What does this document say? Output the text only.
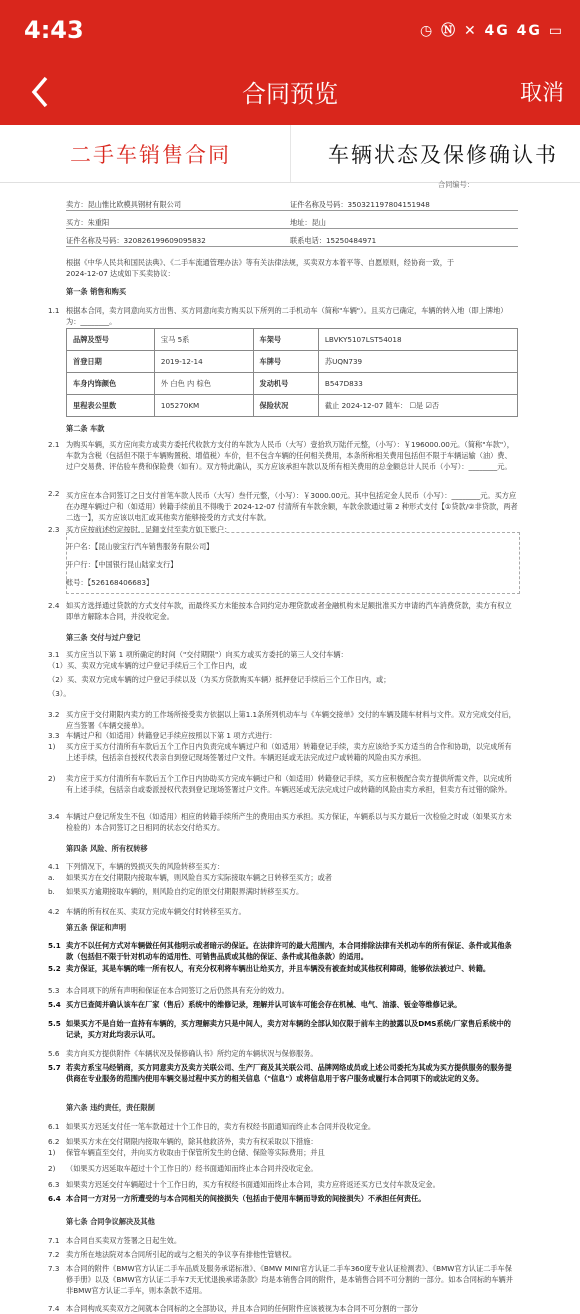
4:43	◷ Ⓝ ✕ 4G 4G ▭
合同预览	取消
二手车销售合同	车辆状态及保修确认书
合同编号：
卖方：昆山惟比欧模具钢材有限公司	证件名称及号码：350321197804151948
买方：朱重阳	地址：昆山
证件名称及号码：320826199609095832	联系电话：15250484971
根据《中华人民共和国民法典》、《二手车流通管理办法》等有关法律法规，买卖双方本着平等、自愿原则，经协商一致，于
2024-12-07 达成如下买卖协议：
第一条 销售和购买
1.1 根据本合同，卖方同意向买方出售、买方同意向卖方购买以下所列的二手机动车（简称"车辆"）。且买方已确定，车辆的转入地（即上牌地）为：________。
品牌及型号	宝马 5系	车架号	LBVKY5107LST54018
首登日期	2019-12-14	车牌号	苏UQN739
车身内饰颜色	外 白色 内 棕色	发动机号	B547D833
里程表公里数	105270KM	保险状况	截止 2024-12-07 随车： ☐是 ☑否
第二条 车款
2.1 为购买车辆，买方应向卖方或卖方委托代收款方支付的车款为人民币（大写）壹拾玖万陆仟元整，（小写）：￥196000.00元。（简称"车款"），车款为含税（包括但不限于车辆购置税、增值税）车价，但不包含车辆的任何相关费用，本条所称相关费用包括但不限于车辆运输（油）费、过户交易费、评估验车费和保险费（如有）。双方特此确认，买方应该承担车款以及所有相关费用的总金额总计人民币（小写）：________元。
2.2 买方应在本合同签订之日支付首笔车款人民币（大写）叁仟元整，（小写）：￥3000.00元。其中包括定金人民币（小写）：________元。买方应在办理车辆过户和（如适用）转籍手续前且不得晚于 2024-12-07 付清所有车款余额，车款余款通过第 2 种形式支付【①贷款/②非贷款，两者二选一】，买方应该以电汇或其他卖方能够接受的方式支付车款。
2.3 买方应按前述约定按时、足额支付至卖方如下账户：
开户名：【昆山骏宝行汽车销售服务有限公司】
开户行：【中国银行昆山陆家支行】
账号：【526168406683】
2.4 如买方选择通过贷款的方式支付车款，而最终买方未能按本合同约定办理贷款或者金融机构未足额批准买方申请的汽车消费贷款，卖方有权立即单方解除本合同，并没收定金。
第三条 交付与过户登记
3.1 买方应当以下第 1 项所确定的时间（"交付期限"）向买方或买方委托的第三人交付车辆：
（1）买、卖双方完成车辆的过户登记手续后三个工作日内，或
（2）买、卖双方完成车辆的过户登记手续以及（为买方贷款购买车辆）抵押登记手续后三个工作日内，或；
（3）。
3.2 买方应于交付期限内卖方的工作场所接受卖方依据以上第1.1条所列机动车与《车辆交接单》交付的车辆及随车材料与文件。双方完成交付后，应当签署《车辆交接单》。
3.3 车辆过户和（如适用）转籍登记手续应按照以下第 1 项方式进行：
1) 买方应于买方付清所有车款后五个工作日内负责完成车辆过户和（如适用）转籍登记手续，卖方应该给予买方适当的合作和协助，以完成所有上述手续，包括亲自授权代表亲自到登记现场签署过户文件。车辆迟延或无法完成过户或转籍的风险由买方承担。
2) 卖方应于买方付清所有车款后五个工作日内协助买方完成车辆过户和（如适用）转籍登记手续，买方应积极配合卖方提供所需文件，以完成所有上述手续，包括亲自或委派授权代表到登记现场签署过户文件。车辆迟延或无法完成过户或转籍的风险由卖方承担，但卖方有过错的除外。
3.4 车辆过户登记所发生不包（如适用）相应的转籍手续所产生的费用由买方承担。买方保证，车辆系以与买方最后一次检验之时或（如果买方未检验的）本合同签订之日相同的状态交付给买方。
第四条 风险、所有权转移
4.1 下列情况下，车辆的毁损灭失的风险转移至买方：
a. 如果买方在交付期限内接取车辆，则风险自买方实际接取车辆之日转移至买方；或者
b. 如果买方逾期接取车辆的，则风险自约定的原交付期限界满时转移至买方。
4.2 车辆的所有权在买、卖双方完成车辆交付时转移至买方。
第五条 保证和声明
5.1 卖方不以任何方式对车辆做任何其他明示或者暗示的保证。在法律许可的最大范围内，本合同排除法律有关机动车的所有保证、条件或其他条款（包括但不限于针对机动车的适用性、可销售品质或其他的保证、条件或其他条款）的适用。
5.2 卖方保证，其是车辆的唯一所有权人，有充分权利将车辆出让给买方，并且车辆没有被查封或其他权利障碍，能够依法被过户、转籍。
5.3 本合同项下的所有声明和保证在本合同签订之后仍然具有充分的效力。
5.4 买方已查阅并确认该车在厂家（售后）系统中的维修记录，理解并认可该车可能会存在机械、电气、油漆、钣金等维修记录。
5.5 如果买方不是自始一直持有车辆的，买方理解卖方只是中间人，卖方对车辆的全部认知仅限于前车主的披露以及DMS系统/厂家售后系统中的记录，买方对此均表示认可。
5.6 卖方向买方提供附件《车辆状况及保修确认书》所约定的车辆状况与保修服务。
5.7 若卖方系宝马经销商，买方同意卖方及卖方关联公司、生产厂商及其关联公司、品牌网络成员或上述公司委托为其或为买方提供服务的服务提供商在专业服务的范围内使用车辆交易过程中买方的相关信息（"信息"）或将信息用于客户服务或履行本合同项下的或法定的义务。
第六条 违约责任，责任限制
6.1 如果买方迟延支付任一笔车款超过十个工作日的，卖方有权经书面通知而终止本合同并没收定金。
6.2 如果买方未在交付期限内接取车辆的，除其他救济外，卖方有权采取以下措施：
1) 保管车辆直至交付，并向买方收取由于保管所发生的仓储、保险等实际费用；并且
2) （如果买方迟延取车超过十个工作日的）经书面通知而终止本合同并没收定金。
6.3 如果卖方迟延交付车辆超过十个工作日的，买方有权经书面通知而终止本合同，卖方应将返还买方已支付车款及定金。
6.4 本合同一方对另一方所遭受的与本合同相关的间接损失（包括由于使用车辆而导致的间接损失）不承担任何责任。
第七条 合同争议解决及其他
7.1 本合同自买卖双方签署之日起生效。
7.2 卖方所在地法院对本合同所引起的或与之相关的争议享有排他性管辖权。
7.3 本合同的附件《BMW官方认证二手车品质及服务承诺标准》、《BMW MINI官方认证二手车360度专业认证检测表》、《BMW官方认证二手车保修手册》以及《BMW官方认证二手车7天无忧退换承诺条款》均是本销售合同的附件，是本销售合同不可分割的一部分。如本合同标的车辆并非BMW官方认证二手车，则本条款不适用。
7.4 本合同构成买卖双方之间就本合同标的之全部协议，并且本合同的任何附件应该被视为本合同不可分割的一部分
